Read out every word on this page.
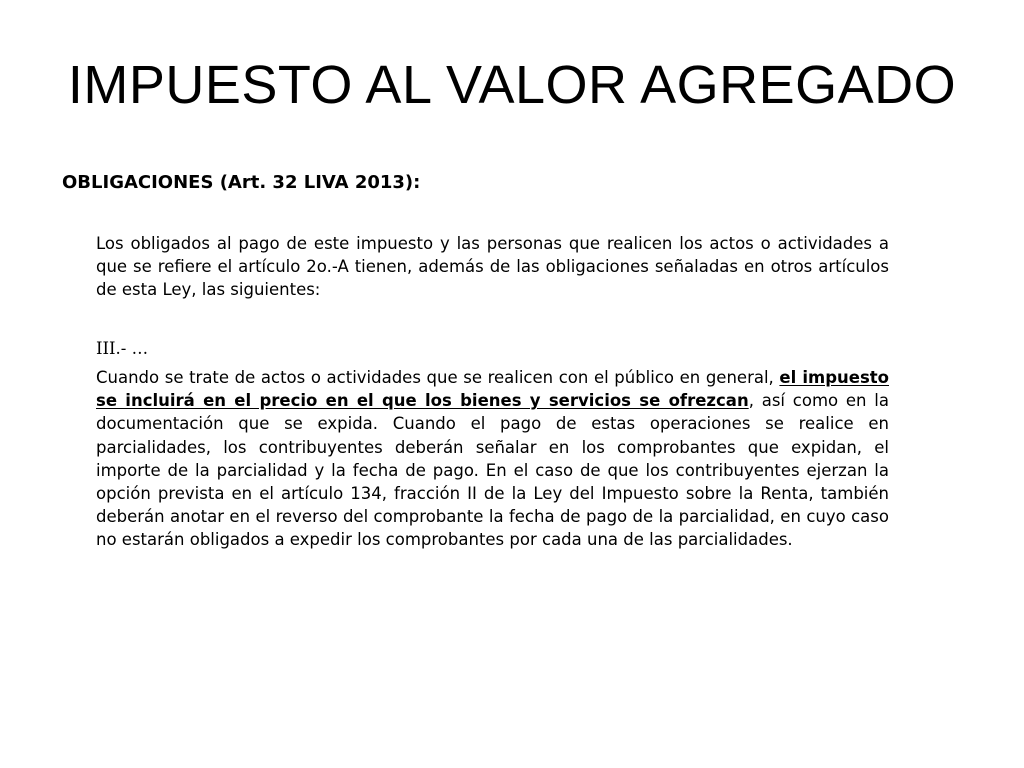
IMPUESTO AL VALOR AGREGADO
OBLIGACIONES (Art. 32 LIVA 2013):
Los obligados al pago de este impuesto y las personas que realicen los actos o actividades a que se refiere el artículo 2o.-A tienen, además de las obligaciones señaladas en otros artículos de esta Ley, las siguientes:
III.- …
Cuando se trate de actos o actividades que se realicen con el público en general, el impuesto se incluirá en el precio en el que los bienes y servicios se ofrezcan, así como en la documentación que se expida. Cuando el pago de estas operaciones se realice en parcialidades, los contribuyentes deberán señalar en los comprobantes que expidan, el importe de la parcialidad y la fecha de pago. En el caso de que los contribuyentes ejerzan la opción prevista en el artículo 134, fracción II de la Ley del Impuesto sobre la Renta, también deberán anotar en el reverso del comprobante la fecha de pago de la parcialidad, en cuyo caso no estarán obligados a expedir los comprobantes por cada una de las parcialidades.
